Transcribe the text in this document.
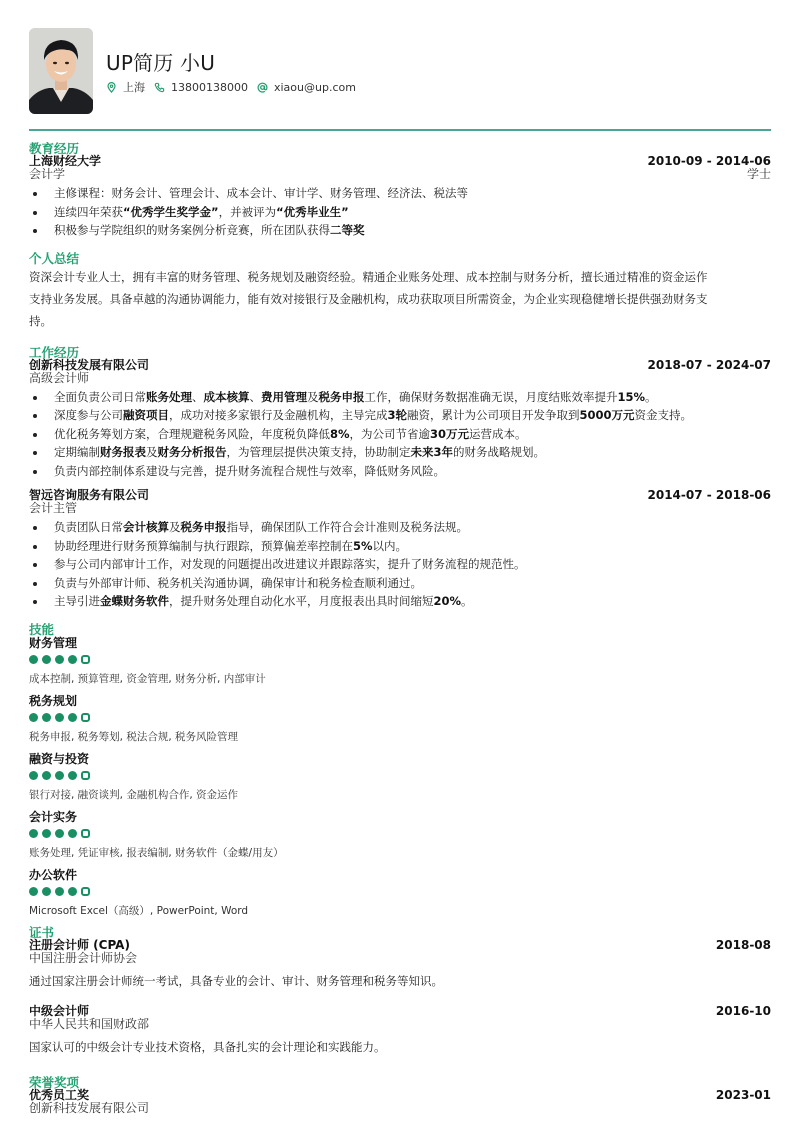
UP简历 小U
上海 13800138000 xiaou@up.com
教育经历
上海财经大学	2010-09 - 2014-06
会计学	学士
主修课程：财务会计、管理会计、成本会计、审计学、财务管理、经济法、税法等
连续四年荣获“优秀学生奖学金”，并被评为“优秀毕业生”
积极参与学院组织的财务案例分析竞赛，所在团队获得二等奖
个人总结
资深会计专业人士，拥有丰富的财务管理、税务规划及融资经验。精通企业账务处理、成本控制与财务分析，擅长通过精准的资金运作
支持业务发展。具备卓越的沟通协调能力，能有效对接银行及金融机构，成功获取项目所需资金，为企业实现稳健增长提供强劲财务支
持。
工作经历
创新科技发展有限公司	2018-07 - 2024-07
高级会计师
全面负责公司日常账务处理、成本核算、费用管理及税务申报工作，确保财务数据准确无误，月度结账效率提升15%。
深度参与公司融资项目，成功对接多家银行及金融机构，主导完成3轮融资，累计为公司项目开发争取到5000万元资金支持。
优化税务筹划方案，合理规避税务风险，年度税负降低8%，为公司节省逾30万元运营成本。
定期编制财务报表及财务分析报告，为管理层提供决策支持，协助制定未来3年的财务战略规划。
负责内部控制体系建设与完善，提升财务流程合规性与效率，降低财务风险。
智远咨询服务有限公司	2014-07 - 2018-06
会计主管
负责团队日常会计核算及税务申报指导，确保团队工作符合会计准则及税务法规。
协助经理进行财务预算编制与执行跟踪，预算偏差率控制在5%以内。
参与公司内部审计工作，对发现的问题提出改进建议并跟踪落实，提升了财务流程的规范性。
负责与外部审计师、税务机关沟通协调，确保审计和税务检查顺利通过。
主导引进金蝶财务软件，提升财务处理自动化水平，月度报表出具时间缩短20%。
技能
财务管理
成本控制, 预算管理, 资金管理, 财务分析, 内部审计
税务规划
税务申报, 税务筹划, 税法合规, 税务风险管理
融资与投资
银行对接, 融资谈判, 金融机构合作, 资金运作
会计实务
账务处理, 凭证审核, 报表编制, 财务软件（金蝶/用友）
办公软件
Microsoft Excel（高级）, PowerPoint, Word
证书
注册会计师 (CPA)	2018-08
中国注册会计师协会
通过国家注册会计师统一考试，具备专业的会计、审计、财务管理和税务等知识。
中级会计师	2016-10
中华人民共和国财政部
国家认可的中级会计专业技术资格，具备扎实的会计理论和实践能力。
荣誉奖项
优秀员工奖	2023-01
创新科技发展有限公司
